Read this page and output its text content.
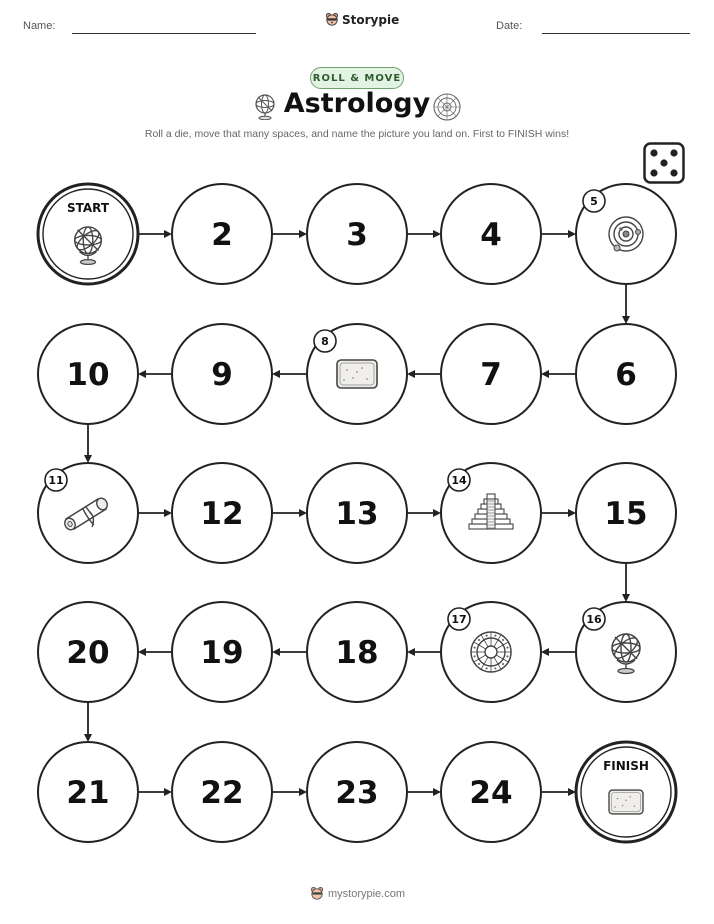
Name:	Storypie	Date:
ROLL & MOVE
Astrology
Roll a die, move that many spaces, and name the picture you land on. First to FINISH wins!
START
2	3	4
5
6
7
8
9
10
11
12	13
14
15
16
17
18
19
20
21	22	23	24
FINISH
mystorypie.com
